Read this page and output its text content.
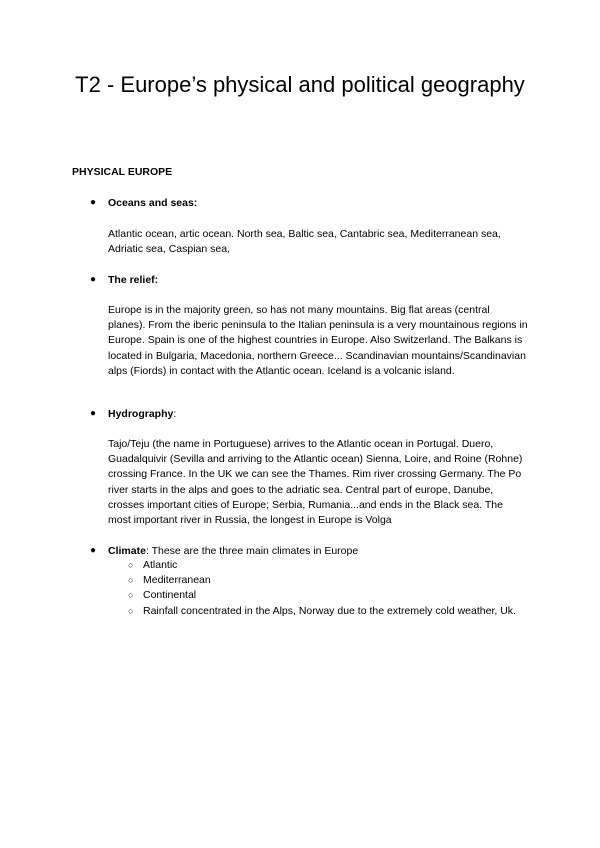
T2 - Europe’s physical and political geography
PHYSICAL EUROPE
● Oceans and seas:

Atlantic ocean, artic ocean. North sea, Baltic sea, Cantabric sea, Mediterranean sea, Adriatic sea, Caspian sea,

● The relief:

Europe is in the majority green, so has not many mountains. Big flat areas (central planes). From the iberic peninsula to the Italian peninsula is a very mountainous regions in Europe. Spain is one of the highest countries in Europe. Also Switzerland. The Balkans is located in Bulgaria, Macedonia, northern Greece... Scandinavian mountains/Scandinavian alps (Fiords) in contact with the Atlantic ocean. Iceland is a volcanic island.

● Hydrography:

Tajo/Teju (the name in Portuguese) arrives to the Atlantic ocean in Portugal. Duero, Guadalquivir (Sevilla and arriving to the Atlantic ocean) Sienna, Loire, and Roine (Rohne) crossing France. In the UK we can see the Thames. Rim river crossing Germany. The Po river starts in the alps and goes to the adriatic sea. Central part of europe, Danube, crosses important cities of Europe; Serbia, Rumania...and ends in the Black sea. The most important river in Russia, the longest in Europe is Volga

● Climate: These are the three main climates in Europe
○ Atlantic
○ Mediterranean
○ Continental
○ Rainfall concentrated in the Alps, Norway due to the extremely cold weather, Uk.
